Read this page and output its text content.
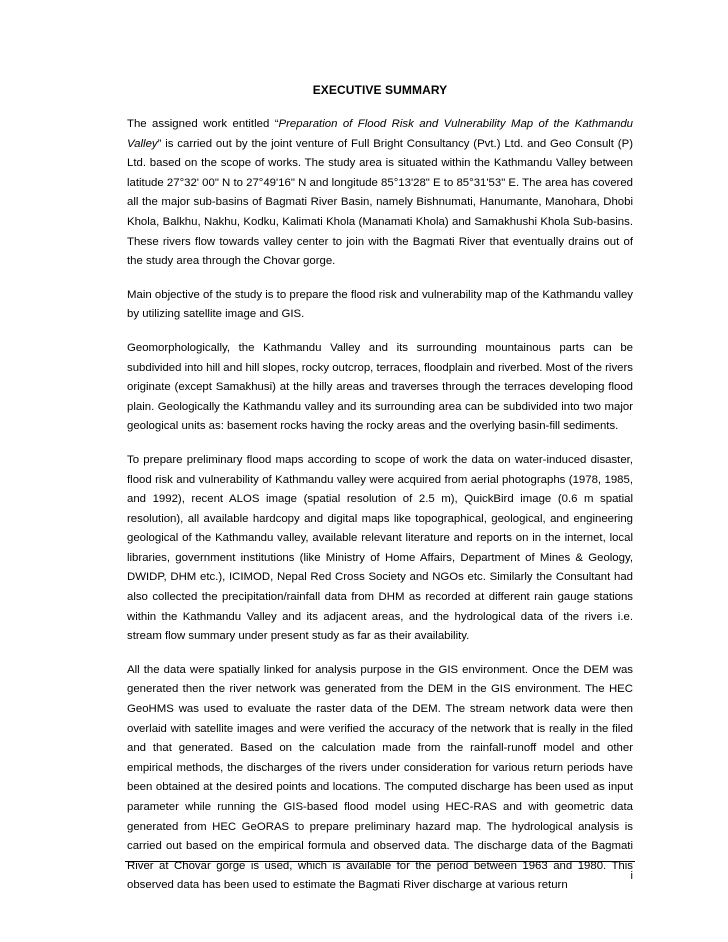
EXECUTIVE SUMMARY

The assigned work entitled “Preparation of Flood Risk and Vulnerability Map of the Kathmandu Valley” is carried out by the joint venture of Full Bright Consultancy (Pvt.) Ltd. and Geo Consult (P) Ltd. based on the scope of works. The study area is situated within the Kathmandu Valley between latitude 27°32' 00" N to 27°49'16" N and longitude 85°13'28" E to 85°31'53" E. The area has covered all the major sub-basins of Bagmati River Basin, namely Bishnumati, Hanumante, Manohara, Dhobi Khola, Balkhu, Nakhu, Kodku, Kalimati Khola (Manamati Khola) and Samakhushi Khola Sub-basins. These rivers flow towards valley center to join with the Bagmati River that eventually drains out of the study area through the Chovar gorge.

Main objective of the study is to prepare the flood risk and vulnerability map of the Kathmandu valley by utilizing satellite image and GIS.

Geomorphologically, the Kathmandu Valley and its surrounding mountainous parts can be subdivided into hill and hill slopes, rocky outcrop, terraces, floodplain and riverbed. Most of the rivers originate (except Samakhusi) at the hilly areas and traverses through the terraces developing flood plain. Geologically the Kathmandu valley and its surrounding area can be subdivided into two major geological units as: basement rocks having the rocky areas and the overlying basin-fill sediments.

To prepare preliminary flood maps according to scope of work the data on water-induced disaster, flood risk and vulnerability of Kathmandu valley were acquired from aerial photographs (1978, 1985, and 1992), recent ALOS image (spatial resolution of 2.5 m), QuickBird image (0.6 m spatial resolution), all available hardcopy and digital maps like topographical, geological, and engineering geological of the Kathmandu valley, available relevant literature and reports on in the internet, local libraries, government institutions (like Ministry of Home Affairs, Department of Mines & Geology, DWIDP, DHM etc.), ICIMOD, Nepal Red Cross Society and NGOs etc. Similarly the Consultant had also collected the precipitation/rainfall data from DHM as recorded at different rain gauge stations within the Kathmandu Valley and its adjacent areas, and the hydrological data of the rivers i.e. stream flow summary under present study as far as their availability.

All the data were spatially linked for analysis purpose in the GIS environment. Once the DEM was generated then the river network was generated from the DEM in the GIS environment. The HEC GeoHMS was used to evaluate the raster data of the DEM. The stream network data were then overlaid with satellite images and were verified the accuracy of the network that is really in the filed and that generated. Based on the calculation made from the rainfall-runoff model and other empirical methods, the discharges of the rivers under consideration for various return periods have been obtained at the desired points and locations. The computed discharge has been used as input parameter while running the GIS-based flood model using HEC-RAS and with geometric data generated from HEC GeORAS to prepare preliminary hazard map. The hydrological analysis is carried out based on the empirical formula and observed data. The discharge data of the Bagmati River at Chovar gorge is used, which is available for the period between 1963 and 1980. This observed data has been used to estimate the Bagmati River discharge at various return

i
